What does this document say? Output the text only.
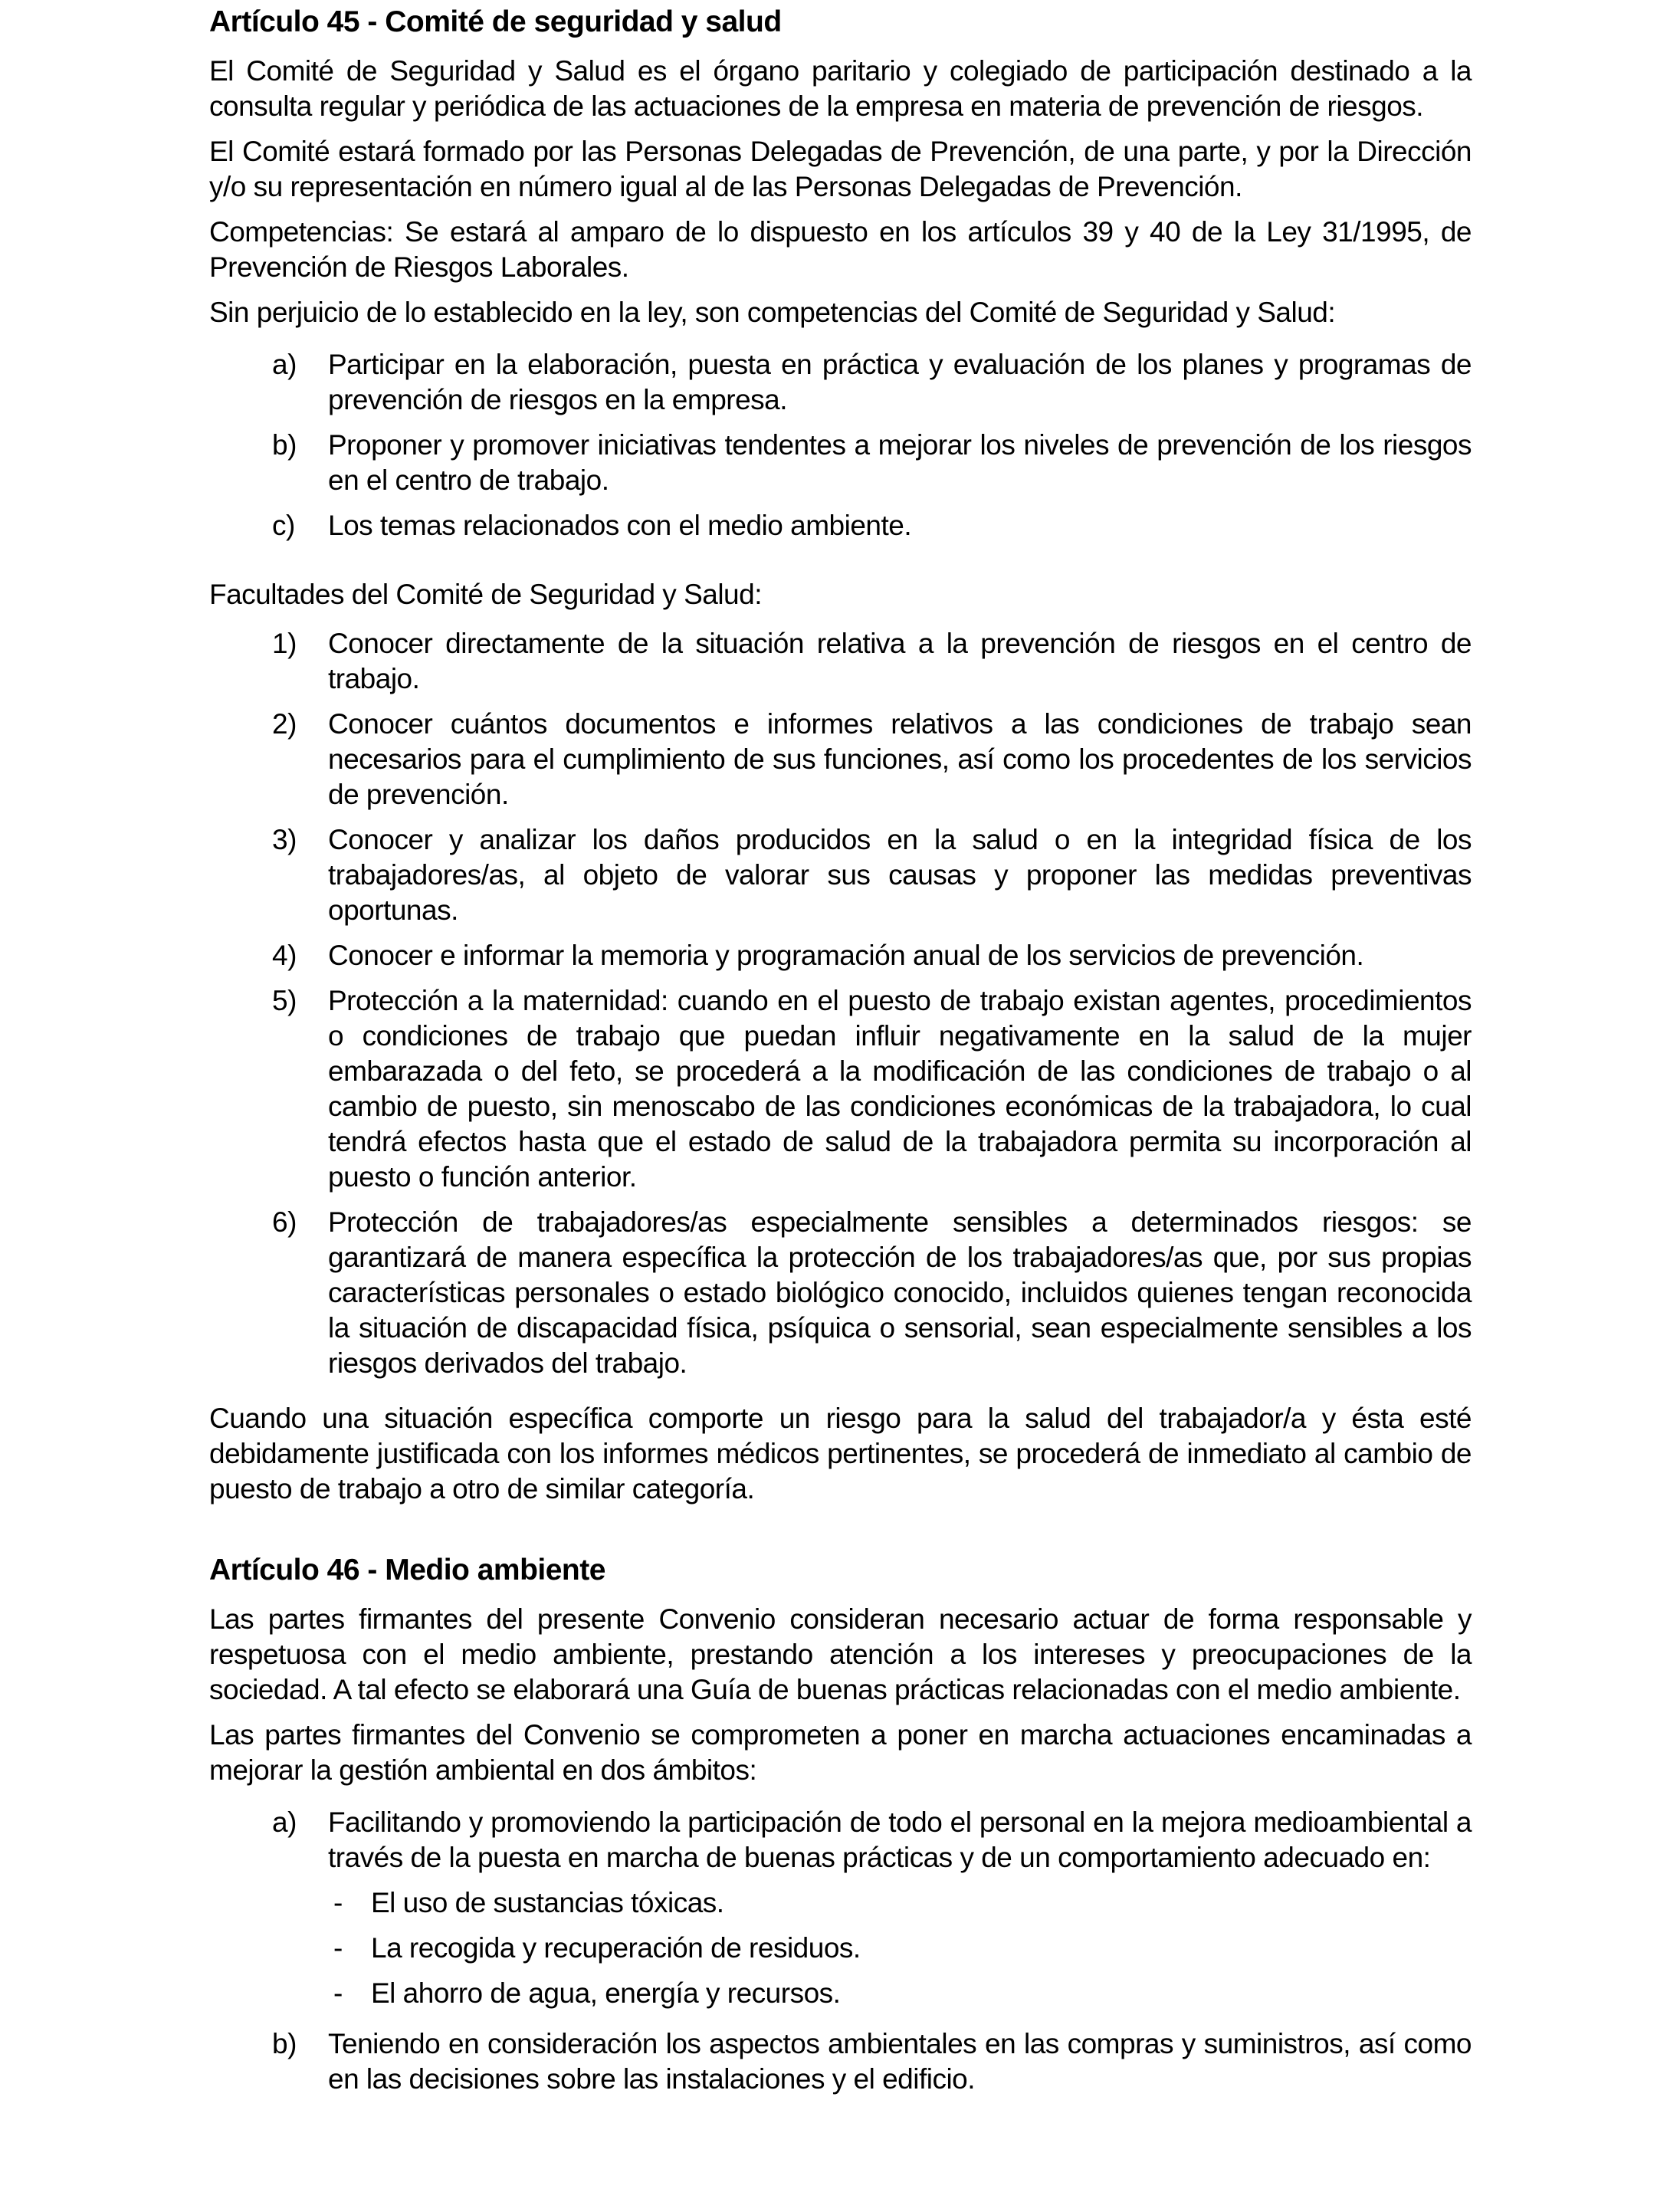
Artículo 45 - Comité de seguridad y salud
El Comité de Seguridad y Salud es el órgano paritario y colegiado de participación destinado a la consulta regular y periódica de las actuaciones de la empresa en materia de prevención de riesgos.
El Comité estará formado por las Personas Delegadas de Prevención, de una parte, y por la Dirección y/o su representación en número igual al de las Personas Delegadas de Prevención.
Competencias: Se estará al amparo de lo dispuesto en los artículos 39 y 40 de la Ley 31/1995, de Prevención de Riesgos Laborales.
Sin perjuicio de lo establecido en la ley, son competencias del Comité de Seguridad y Salud:
a) Participar en la elaboración, puesta en práctica y evaluación de los planes y programas de prevención de riesgos en la empresa.
b) Proponer y promover iniciativas tendentes a mejorar los niveles de prevención de los riesgos en el centro de trabajo.
c) Los temas relacionados con el medio ambiente.
Facultades del Comité de Seguridad y Salud:
1) Conocer directamente de la situación relativa a la prevención de riesgos en el centro de trabajo.
2) Conocer cuántos documentos e informes relativos a las condiciones de trabajo sean necesarios para el cumplimiento de sus funciones, así como los procedentes de los servicios de prevención.
3) Conocer y analizar los daños producidos en la salud o en la integridad física de los trabajadores/as, al objeto de valorar sus causas y proponer las medidas preventivas oportunas.
4) Conocer e informar la memoria y programación anual de los servicios de prevención.
5) Protección a la maternidad: cuando en el puesto de trabajo existan agentes, procedimientos o condiciones de trabajo que puedan influir negativamente en la salud de la mujer embarazada o del feto, se procederá a la modificación de las condiciones de trabajo o al cambio de puesto, sin menoscabo de las condiciones económicas de la trabajadora, lo cual tendrá efectos hasta que el estado de salud de la trabajadora permita su incorporación al puesto o función anterior.
6) Protección de trabajadores/as especialmente sensibles a determinados riesgos: se garantizará de manera específica la protección de los trabajadores/as que, por sus propias características personales o estado biológico conocido, incluidos quienes tengan reconocida la situación de discapacidad física, psíquica o sensorial, sean especialmente sensibles a los riesgos derivados del trabajo.
Cuando una situación específica comporte un riesgo para la salud del trabajador/a y ésta esté debidamente justificada con los informes médicos pertinentes, se procederá de inmediato al cambio de puesto de trabajo a otro de similar categoría.
Artículo 46 - Medio ambiente
Las partes firmantes del presente Convenio consideran necesario actuar de forma responsable y respetuosa con el medio ambiente, prestando atención a los intereses y preocupaciones de la sociedad. A tal efecto se elaborará una Guía de buenas prácticas relacionadas con el medio ambiente.
Las partes firmantes del Convenio se comprometen a poner en marcha actuaciones encaminadas a mejorar la gestión ambiental en dos ámbitos:
a) Facilitando y promoviendo la participación de todo el personal en la mejora medioambiental a través de la puesta en marcha de buenas prácticas y de un comportamiento adecuado en:
- El uso de sustancias tóxicas.
- La recogida y recuperación de residuos.
- El ahorro de agua, energía y recursos.
b) Teniendo en consideración los aspectos ambientales en las compras y suministros, así como en las decisiones sobre las instalaciones y el edificio.
